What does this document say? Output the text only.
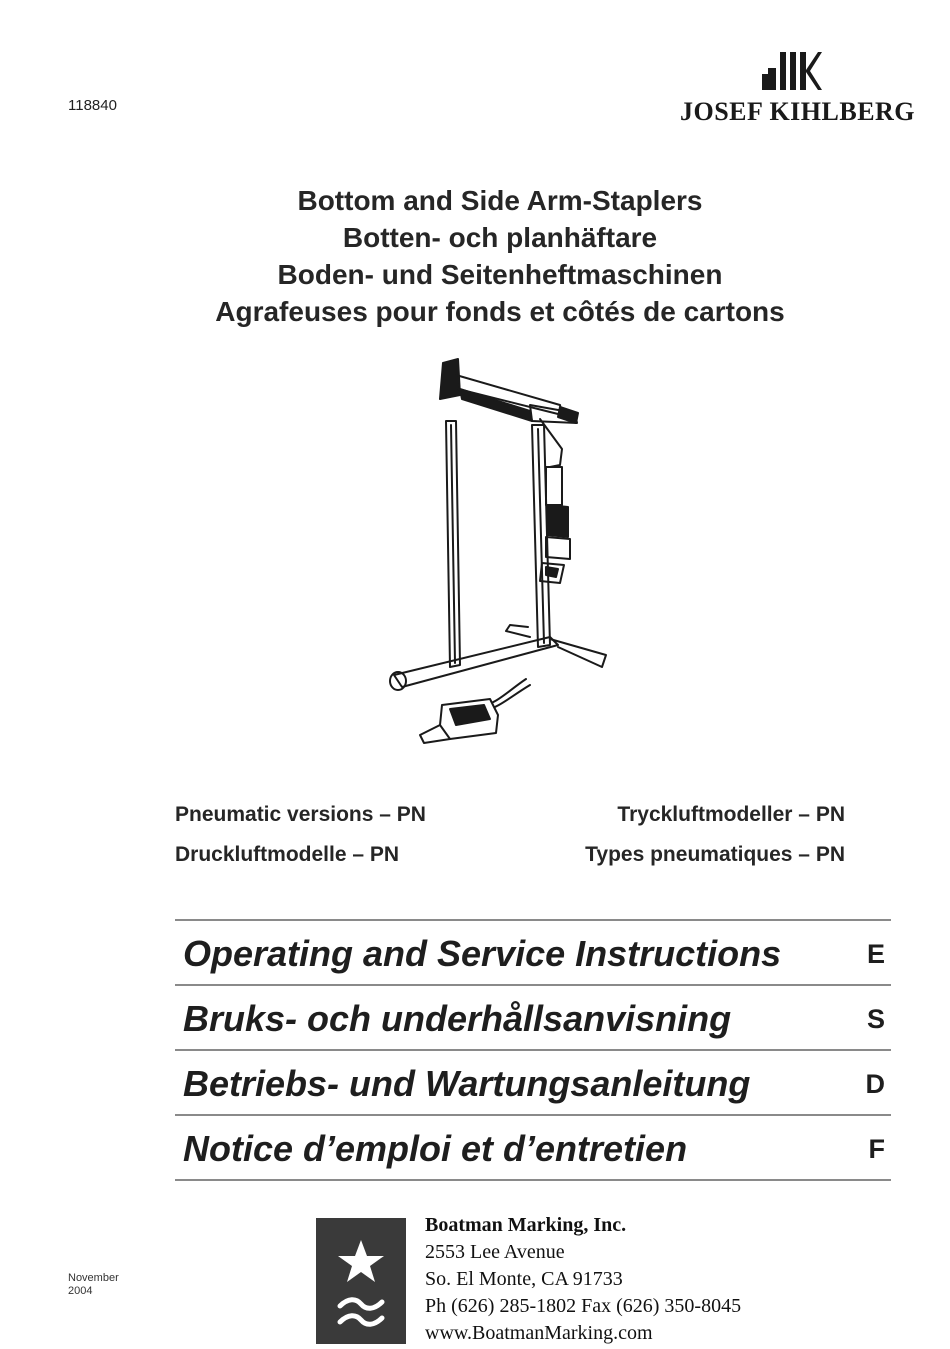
118840	JOSEF KIHLBERG
Bottom and Side Arm-Staplers
Botten- och planhäftare
Boden- und Seitenheftmaschinen
Agrafeuses pour fonds et côtés de cartons
Pneumatic versions – PN	Tryckluftmodeller – PN
Druckluftmodelle – PN	Types pneumatiques – PN
Operating and Service Instructions	E
Bruks- och underhållsanvisning	S
Betriebs- und Wartungsanleitung	D
Notice d’emploi et d’entretien	F
November
2004
Boatman Marking, Inc.
2553 Lee Avenue
So. El Monte, CA 91733
Ph (626) 285-1802 Fax (626) 350-8045
www.BoatmanMarking.com
